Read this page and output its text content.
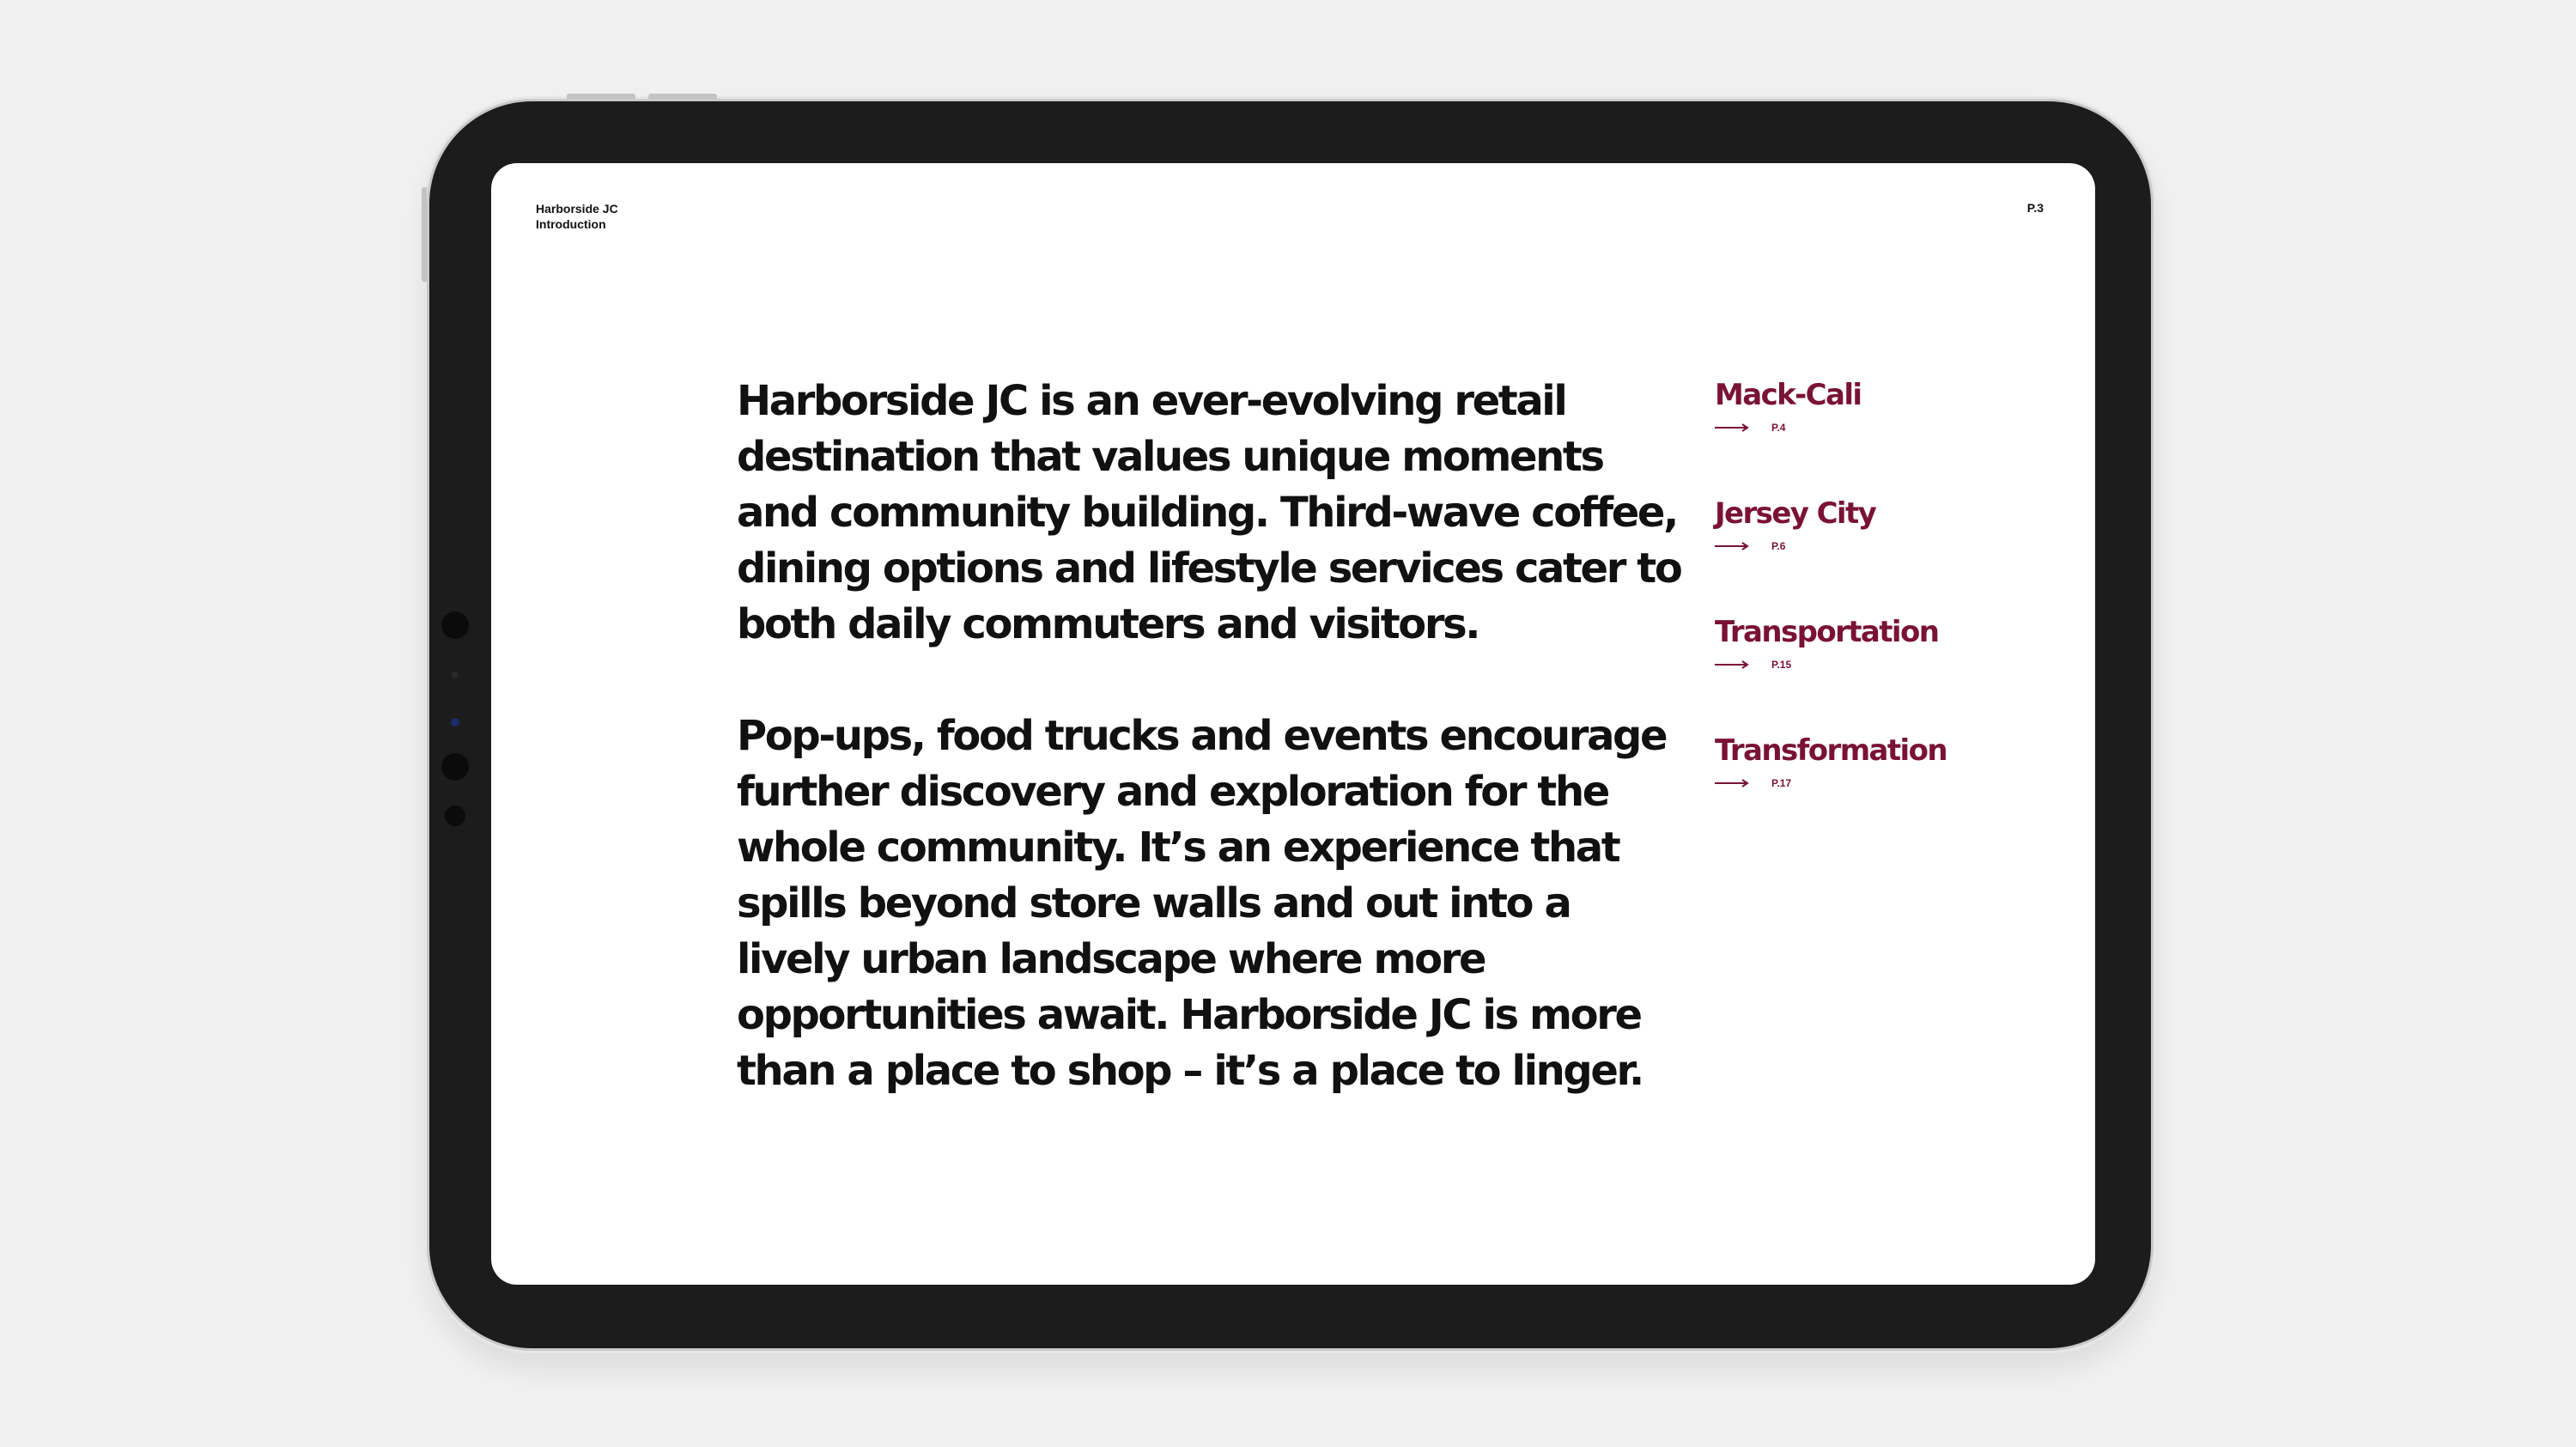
Harborside JC
Introduction
P.3

Harborside JC is an ever-evolving retail destination that values unique moments and community building. Third-wave coffee, dining options and lifestyle services cater to both daily commuters and visitors.

Pop-ups, food trucks and events encourage further discovery and exploration for the whole community. It’s an experience that spills beyond store walls and out into a lively urban landscape where more opportunities await. Harborside JC is more than a place to shop – it’s a place to linger.

Mack-Cali
P.4
Jersey City
P.6
Transportation
P.15
Transformation
P.17
